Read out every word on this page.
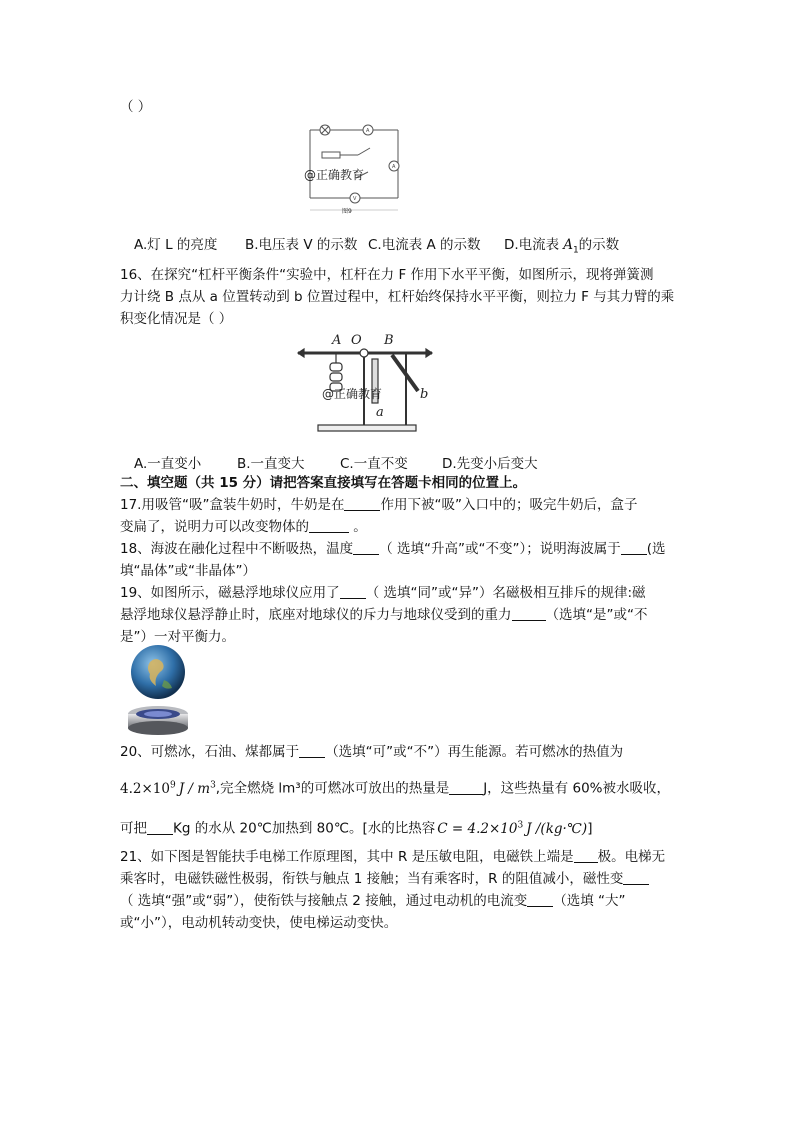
（ ）
A
A
V
@正确教育
图9
A.灯 L 的亮度 B.电压表 V 的示数 C.电流表 A 的示数 D.电流表 $A_1$的示数
16、在探究“杠杆平衡条件“实验中，杠杆在力 F 作用下水平平衡，如图所示，现将弹簧测
力计绕 B 点从 a 位置转动到 b 位置过程中，杠杆始终保持水平平衡，则拉力 F 与其力臂的乘
积变化情况是（ ）
A O B
b
a
@正确教育
A.一直变小	B.一直变大	C.一直不变	D.先变小后变大
二、填空题（共 15 分）请把答案直接填写在答题卡相同的位置上。
17.用吸管“吸”盒装牛奶时，牛奶是在	作用下被“吸”入口中的；吸完牛奶后，盒子
变扁了，说明力可以改变物体的	。
18、海波在融化过程中不断吸热，温度 （ 选填“升高”或“不变”）；说明海波属于 (选
填“晶体”或“非晶体”）
19、如图所示，磁悬浮地球仪应用了 （ 选填“同”或“异”）名磁极相互排斥的规律:磁
悬浮地球仪悬浮静止时，底座对地球仪的斥力与地球仪受到的重力	（选填“是”或“不
是”）一对平衡力。
20、可燃冰，石油、煤都属于 （选填“可”或“不”）再生能源。若可燃冰的热值为
$4.2\times 10^9$ J / $m^3$,完全燃烧 lm³的可燃冰可放出的热量是	J，这些热量有 60%被水吸收，
可把 Kg 的水从 20℃加热到 80℃。[水的比热容 $C = 4.2\times 10^3$ J /(kg·℃)]
21、如下图是智能扶手电梯工作原理图，其中 R 是压敏电阻，电磁铁上端是 极。电梯无
乘客时，电磁铁磁性极弱，衔铁与触点 1 接触；当有乘客时，R 的阻值减小，磁性变
（ 选填“强”或“弱”），使衔铁与接触点 2 接触，通过电动机的电流变 （选填 “大”
或“小”），电动机转动变快，使电梯运动变快。
